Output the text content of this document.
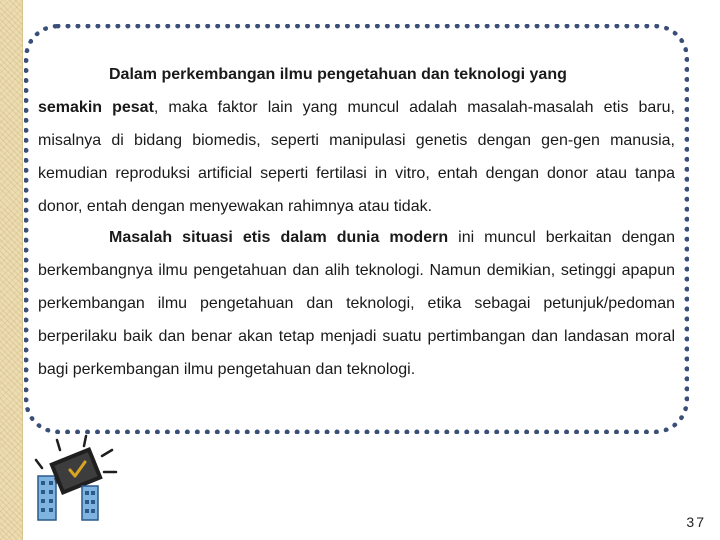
Dalam perkembangan ilmu pengetahuan dan teknologi yang
semakin pesat, maka faktor lain yang muncul adalah masalah-masalah etis baru, misalnya di bidang biomedis, seperti manipulasi genetis dengan gen-gen manusia, kemudian reproduksi artificial seperti fertilasi in vitro, entah dengan donor atau tanpa donor, entah dengan menyewakan rahimnya atau tidak.

Masalah situasi etis dalam dunia modern ini muncul berkaitan dengan berkembangnya ilmu pengetahuan dan alih teknologi. Namun demikian, setinggi apapun perkembangan ilmu pengetahuan dan teknologi, etika sebagai petunjuk/pedoman berperilaku baik dan benar akan tetap menjadi suatu pertimbangan dan landasan moral bagi perkembangan ilmu pengetahuan dan teknologi.

37
